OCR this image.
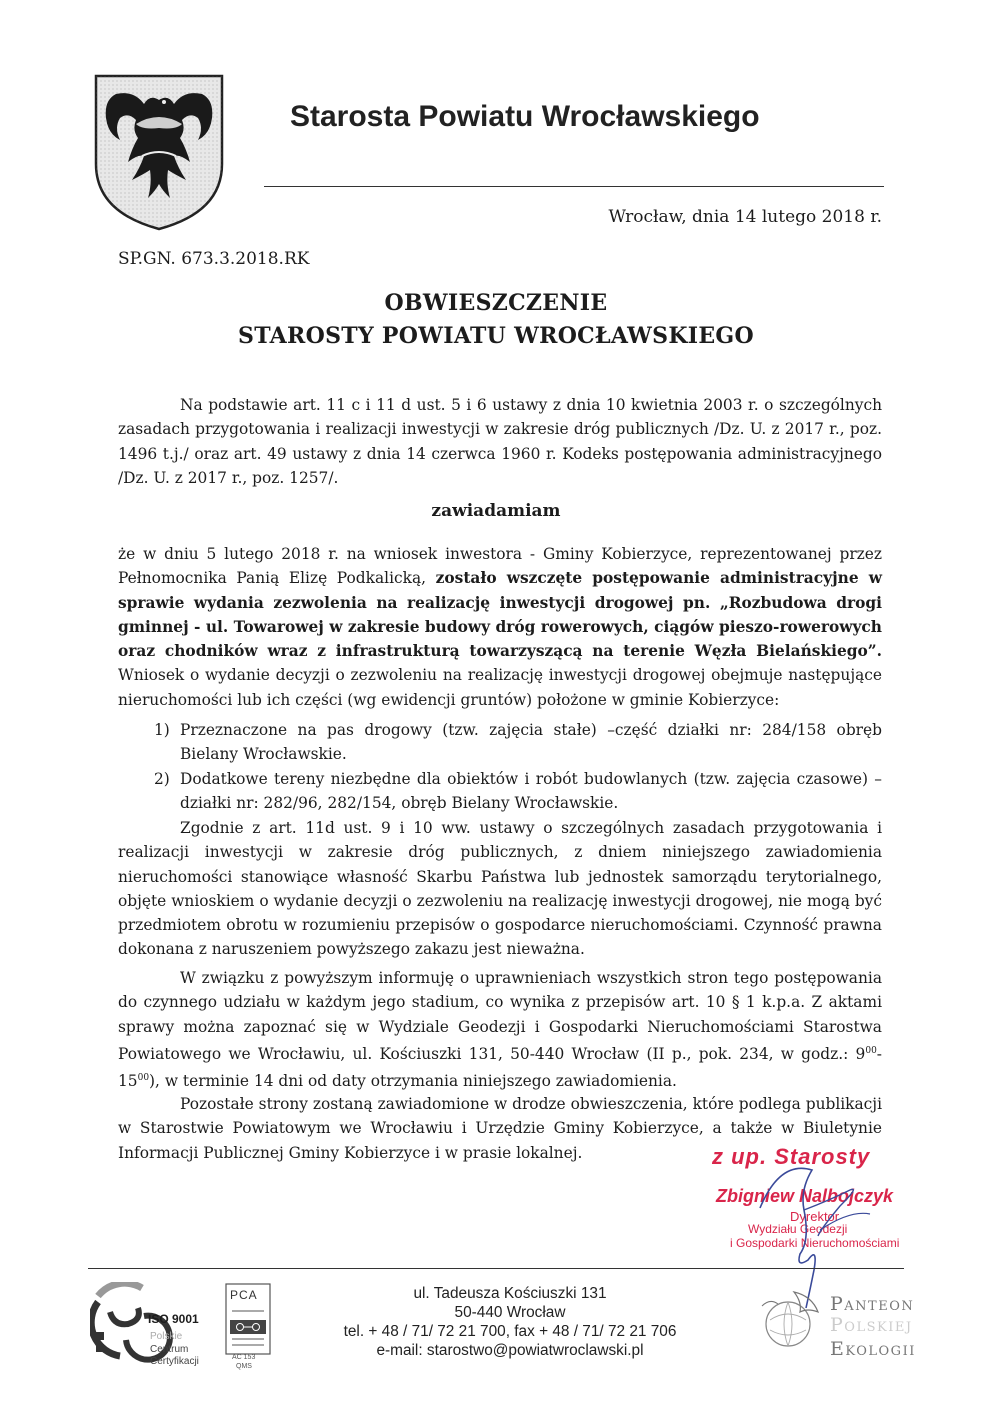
Starosta Powiatu Wrocławskiego
Wrocław, dnia 14 lutego 2018 r.
SP.GN. 673.3.2018.RK
OBWIESZCZENIE
STAROSTY POWIATU WROCŁAWSKIEGO
Na podstawie art. 11 c i 11 d ust. 5 i 6 ustawy z dnia 10 kwietnia 2003 r. o szczególnych zasadach przygotowania i realizacji inwestycji w zakresie dróg publicznych /Dz. U. z 2017 r., poz. 1496 t.j./ oraz art. 49 ustawy z dnia 14 czerwca 1960 r. Kodeks postępowania administracyjnego /Dz. U. z 2017 r., poz. 1257/.
zawiadamiam
że w dniu 5 lutego 2018 r. na wniosek inwestora - Gminy Kobierzyce, reprezentowanej przez Pełnomocnika Panią Elizę Podkalicką, zostało wszczęte postępowanie administracyjne w sprawie wydania zezwolenia na realizację inwestycji drogowej pn. „Rozbudowa drogi gminnej - ul. Towarowej w zakresie budowy dróg rowerowych, ciągów pieszo-rowerowych oraz chodników wraz z infrastrukturą towarzyszącą na terenie Węzła Bielańskiego”. Wniosek o wydanie decyzji o zezwoleniu na realizację inwestycji drogowej obejmuje następujące nieruchomości lub ich części (wg ewidencji gruntów) położone w gminie Kobierzyce:
1) Przeznaczone na pas drogowy (tzw. zajęcia stałe) –część działki nr: 284/158 obręb Bielany Wrocławskie.
2) Dodatkowe tereny niezbędne dla obiektów i robót budowlanych (tzw. zajęcia czasowe) – działki nr: 282/96, 282/154, obręb Bielany Wrocławskie.
Zgodnie z art. 11d ust. 9 i 10 ww. ustawy o szczególnych zasadach przygotowania i realizacji inwestycji w zakresie dróg publicznych, z dniem niniejszego zawiadomienia nieruchomości stanowiące własność Skarbu Państwa lub jednostek samorządu terytorialnego, objęte wnioskiem o wydanie decyzji o zezwoleniu na realizację inwestycji drogowej, nie mogą być przedmiotem obrotu w rozumieniu przepisów o gospodarce nieruchomościami. Czynność prawna dokonana z naruszeniem powyższego zakazu jest nieważna.
W związku z powyższym informuję o uprawnieniach wszystkich stron tego postępowania do czynnego udziału w każdym jego stadium, co wynika z przepisów art. 10 § 1 k.p.a. Z aktami sprawy można zapoznać się w Wydziale Geodezji i Gospodarki Nieruchomościami Starostwa Powiatowego we Wrocławiu, ul. Kościuszki 131, 50-440 Wrocław (II p., pok. 234, w godz.: $9^{00}-15^{00}$), w terminie 14 dni od daty otrzymania niniejszego zawiadomienia.
Pozostałe strony zostaną zawiadomione w drodze obwieszczenia, które podlega publikacji w Starostwie Powiatowym we Wrocławiu i Urzędzie Gminy Kobierzyce, a także w Biuletynie Informacji Publicznej Gminy Kobierzyce i w prasie lokalnej.	z up. Starosty
Zbigniew Nalbojczyk
Dyrektor
Wydziału Geodezji
i Gospodarki Nieruchomościami
ISO 9001
Polskie
Centrum
Certyfikacji
PCA
AC 153
QMS
ul. Tadeusza Kościuszki 131
50-440 Wrocław
tel. + 48 / 71/ 72 21 700, fax + 48 / 71/ 72 21 706
e-mail: starostwo@powiatwroclawski.pl
PANTEON
POLSKIEJ
EKOLOGII
